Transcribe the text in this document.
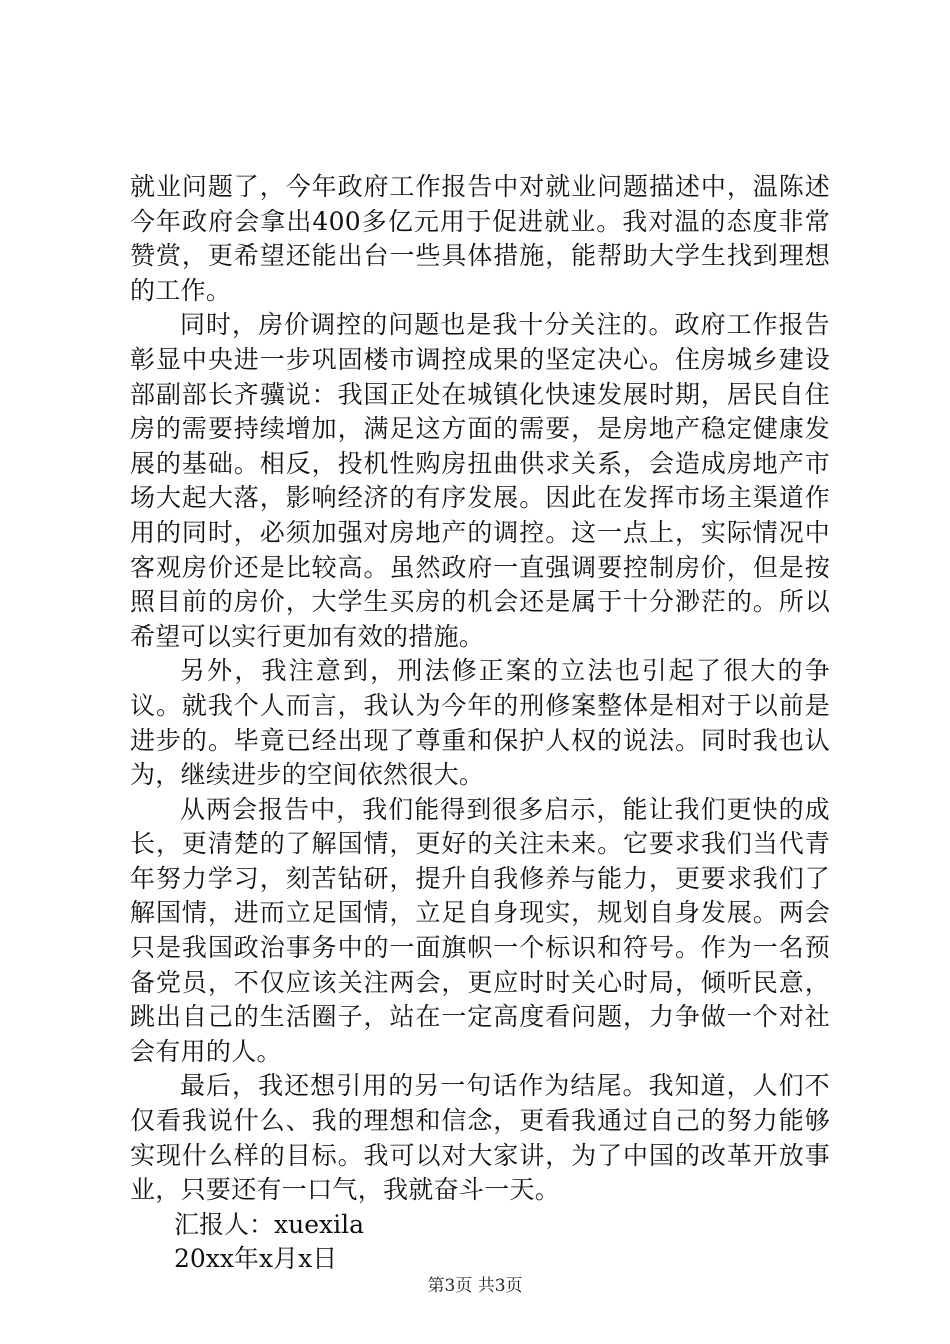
就业问题了，今年政府工作报告中对就业问题描述中，温陈述今年政府会拿出400多亿元用于促进就业。我对温的态度非常赞赏，更希望还能出台一些具体措施，能帮助大学生找到理想的工作。

同时，房价调控的问题也是我十分关注的。政府工作报告彰显中央进一步巩固楼市调控成果的坚定决心。住房城乡建设部副部长齐骥说：我国正处在城镇化快速发展时期，居民自住房的需要持续增加，满足这方面的需要，是房地产稳定健康发展的基础。相反，投机性购房扭曲供求关系，会造成房地产市场大起大落，影响经济的有序发展。因此在发挥市场主渠道作用的同时，必须加强对房地产的调控。这一点上，实际情况中客观房价还是比较高。虽然政府一直强调要控制房价，但是按照目前的房价，大学生买房的机会还是属于十分渺茫的。所以希望可以实行更加有效的措施。

另外，我注意到，刑法修正案的立法也引起了很大的争议。就我个人而言，我认为今年的刑修案整体是相对于以前是进步的。毕竟已经出现了尊重和保护人权的说法。同时我也认为，继续进步的空间依然很大。

从两会报告中，我们能得到很多启示，能让我们更快的成长，更清楚的了解国情，更好的关注未来。它要求我们当代青年努力学习，刻苦钻研，提升自我修养与能力，更要求我们了解国情，进而立足国情，立足自身现实，规划自身发展。两会只是我国政治事务中的一面旗帜一个标识和符号。作为一名预备党员，不仅应该关注两会，更应时时关心时局，倾听民意，跳出自己的生活圈子，站在一定高度看问题，力争做一个对社会有用的人。

最后，我还想引用的另一句话作为结尾。我知道，人们不仅看我说什么、我的理想和信念，更看我通过自己的努力能够实现什么样的目标。我可以对大家讲，为了中国的改革开放事业，只要还有一口气，我就奋斗一天。

汇报人：xuexila

20xx年x月x日

第3页 共3页
